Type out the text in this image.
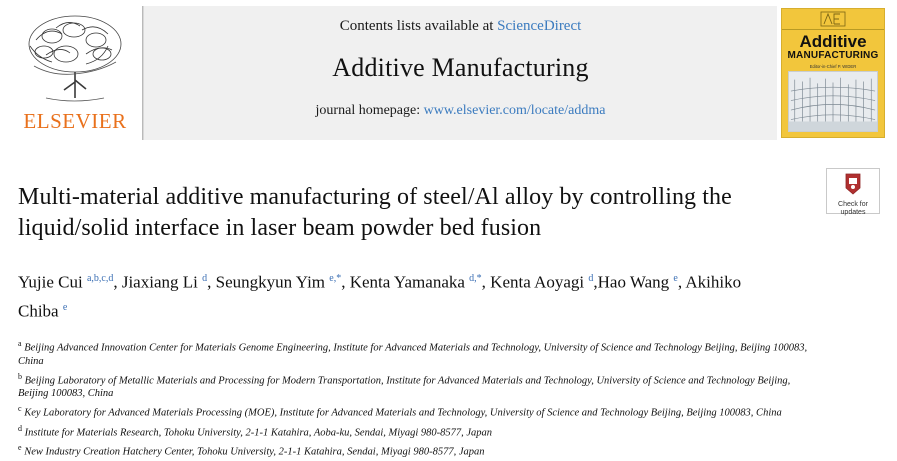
ELSEVIER
Contents lists available at ScienceDirect
Additive Manufacturing
journal homepage: www.elsevier.com/locate/addma
Additive
MANUFACTURING
Editor-in-Chief P. WIDER
Check for
updates
Multi-material additive manufacturing of steel/Al alloy by controlling the liquid/solid interface in laser beam powder bed fusion
Yujie Cui $^{a,b,c,d}$, Jiaxiang Li $^d$, Seungkyun Yim $^{e,*}$, Kenta Yamanaka $^{d,*}$, Kenta Aoyagi $^d$,Hao Wang $^e$, Akihiko Chiba $^e$
$^a$ Beijing Advanced Innovation Center for Materials Genome Engineering, Institute for Advanced Materials and Technology, University of Science and Technology Beijing, Beijing 100083, China
$^b$ Beijing Laboratory of Metallic Materials and Processing for Modern Transportation, Institute for Advanced Materials and Technology, University of Science and Technology Beijing, Beijing 100083, China
$^c$ Key Laboratory for Advanced Materials Processing (MOE), Institute for Advanced Materials and Technology, University of Science and Technology Beijing, Beijing 100083, China
$^d$ Institute for Materials Research, Tohoku University, 2-1-1 Katahira, Aoba-ku, Sendai, Miyagi 980-8577, Japan
$^e$ New Industry Creation Hatchery Center, Tohoku University, 2-1-1 Katahira, Sendai, Miyagi 980-8577, Japan
